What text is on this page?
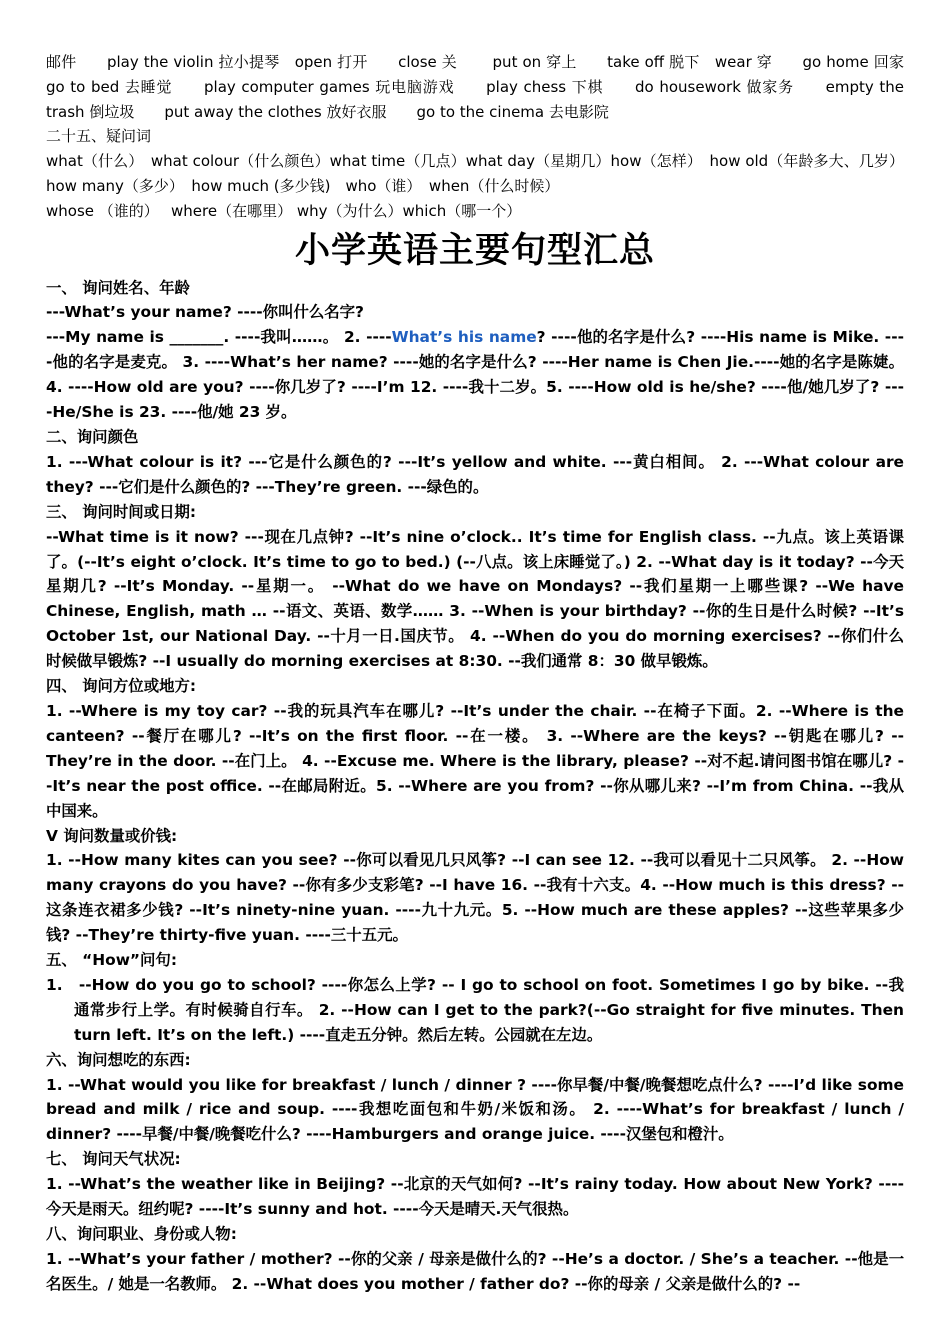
邮件　　play the violin 拉小提琴　open 打开　　close 关　　 put on 穿上　　take off 脱下　wear 穿　　go home 回家　　go to bed 去睡觉　　play computer games 玩电脑游戏　　play chess 下棋　　do housework 做家务　　empty the trash 倒垃圾　　put away the clothes 放好衣服　　go to the cinema 去电影院

二十五、疑问词

what（什么）　what colour（什么颜色）what time（几点）what day（星期几）how（怎样）　how old（年龄多大、几岁）how many（多少）　how much (多少钱)　who（谁）　when（什么时候）

whose （谁的）　 where（在哪里） why（为什么）which（哪一个）

小学英语主要句型汇总

一、 询问姓名、年龄

---What’s your name? ----你叫什么名字?

---My name is _______. ----我叫……。 2. ----What’s his name? ----他的名字是什么? ----His name is Mike. ----他的名字是麦克。 3. ----What’s her name? ----她的名字是什么? ----Her name is Chen Jie.----她的名字是陈婕。4. ----How old are you? ----你几岁了? ----I’m 12. ----我十二岁。5. ----How old is he/she? ----他/她几岁了? ----He/She is 23. ----他/她 23 岁。

二、询问颜色

1. ---What colour is it? ---它是什么颜色的? ---It’s yellow and white. ---黄白相间。 2. ---What colour are they? ---它们是什么颜色的? ---They’re green. ---绿色的。

三、 询问时间或日期:

--What time is it now? ---现在几点钟? --It’s nine o’clock.. It’s time for English class. --九点。该上英语课了。(--It’s eight o’clock. It’s time to go to bed.) (--八点。该上床睡觉了。) 2. --What day is it today? --今天星期几? --It’s Monday. --星期一。 --What do we have on Mondays? --我们星期一上哪些课? --We have Chinese, English, math … --语文、英语、数学…… 3. --When is your birthday? --你的生日是什么时候? --It’s October 1st, our National Day. --十月一日.国庆节。 4. --When do you do morning exercises? --你们什么时候做早锻炼? --I usually do morning exercises at 8:30. --我们通常 8：30 做早锻炼。

四、 询问方位或地方:

1. --Where is my toy car? --我的玩具汽车在哪儿? --It’s under the chair. --在椅子下面。2. --Where is the canteen? --餐厅在哪儿? --It’s on the first floor. --在一楼。 3. --Where are the keys? --钥匙在哪儿? --They’re in the door. --在门上。 4. --Excuse me. Where is the library, please? --对不起.请问图书馆在哪儿? --It’s near the post office. --在邮局附近。5. --Where are you from? --你从哪儿来? --I’m from China. --我从中国来。

V 询问数量或价钱:

1. --How many kites can you see? --你可以看见几只风筝? --I can see 12. --我可以看见十二只风筝。 2. --How many crayons do you have? --你有多少支彩笔? --I have 16. --我有十六支。4. --How much is this dress? --这条连衣裙多少钱? --It’s ninety-nine yuan. ----九十九元。5. --How much are these apples? --这些苹果多少钱? --They’re thirty-five yuan. ----三十五元。

五、 “How”问句:

1.　--How do you go to school? ----你怎么上学? -- I go to school on foot. Sometimes I go by bike. --我通常步行上学。有时候骑自行车。 2. --How can I get to the park?(--Go straight for five minutes. Then turn left. It’s on the left.) ----直走五分钟。然后左转。公园就在左边。

六、询问想吃的东西:

1. --What would you like for breakfast / lunch / dinner ? ----你早餐/中餐/晚餐想吃点什么? ----I’d like some bread and milk / rice and soup. ----我想吃面包和牛奶/米饭和汤。 2. ----What’s for breakfast / lunch / dinner? ----早餐/中餐/晚餐吃什么? ----Hamburgers and orange juice. ----汉堡包和橙汁。

七、 询问天气状况:

1. --What’s the weather like in Beijing? --北京的天气如何? --It’s rainy today. How about New York? ----今天是雨天。纽约呢? ----It’s sunny and hot. ----今天是晴天.天气很热。

八、询问职业、身份或人物:

1. --What’s your father / mother? --你的父亲 / 母亲是做什么的? --He’s a doctor. / She’s a teacher. --他是一名医生。/ 她是一名教师。 2. --What does you mother / father do? --你的母亲 / 父亲是做什么的? --
